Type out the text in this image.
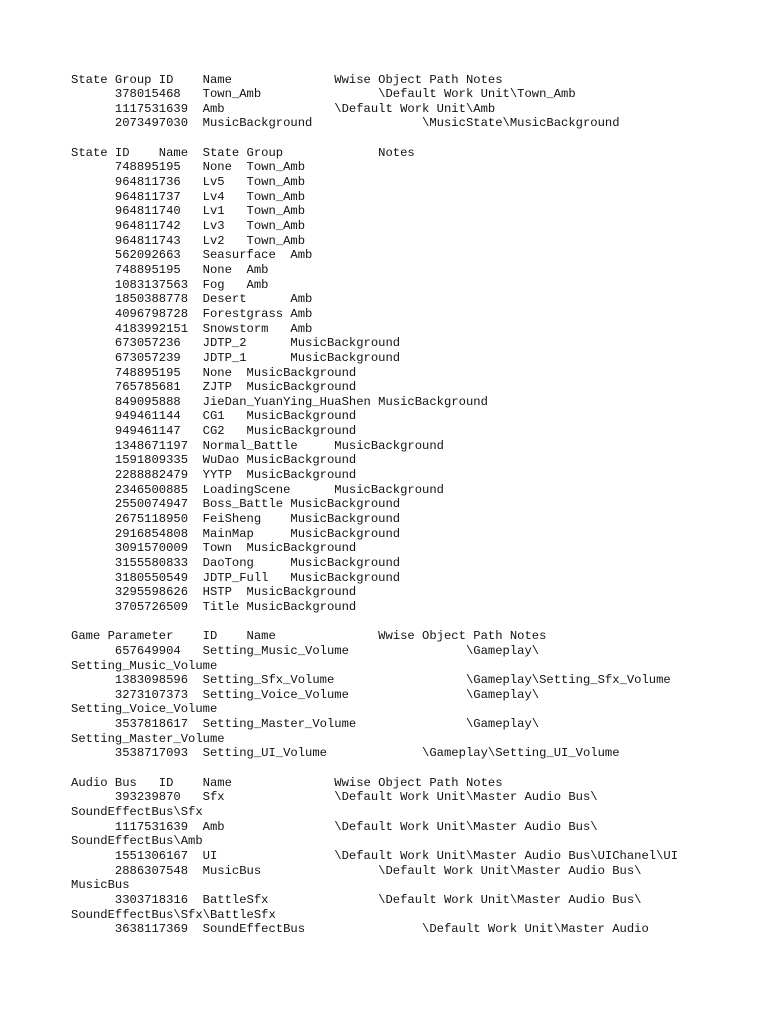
State Group ID    Name              Wwise Object Path Notes
378015468   Town_Amb                \Default Work Unit\Town_Amb
1117531639  Amb               \Default Work Unit\Amb
2073497030  MusicBackground               \MusicState\MusicBackground
State ID    Name  State Group             Notes
748895195   None  Town_Amb
964811736   Lv5   Town_Amb
964811737   Lv4   Town_Amb
964811740   Lv1   Town_Amb
964811742   Lv3   Town_Amb
964811743   Lv2   Town_Amb
562092663   Seasurface  Amb
748895195   None  Amb
1083137563  Fog   Amb
1850388778  Desert      Amb
4096798728  Forestgrass Amb
4183992151  Snowstorm   Amb
673057236   JDTP_2      MusicBackground
673057239   JDTP_1      MusicBackground
748895195   None  MusicBackground
765785681   ZJTP  MusicBackground
849095888   JieDan_YuanYing_HuaShen MusicBackground
949461144   CG1   MusicBackground
949461147   CG2   MusicBackground
1348671197  Normal_Battle     MusicBackground
1591809335  WuDao MusicBackground
2288882479  YYTP  MusicBackground
2346500885  LoadingScene      MusicBackground
2550074947  Boss_Battle MusicBackground
2675118950  FeiSheng    MusicBackground
2916854808  MainMap     MusicBackground
3091570009  Town  MusicBackground
3155580833  DaoTong     MusicBackground
3180550549  JDTP_Full   MusicBackground
3295598626  HSTP  MusicBackground
3705726509  Title MusicBackground
Game Parameter    ID    Name              Wwise Object Path Notes
657649904   Setting_Music_Volume                \Gameplay\
Setting_Music_Volume
1383098596  Setting_Sfx_Volume                  \Gameplay\Setting_Sfx_Volume
3273107373  Setting_Voice_Volume                \Gameplay\
Setting_Voice_Volume
3537818617  Setting_Master_Volume               \Gameplay\
Setting_Master_Volume
3538717093  Setting_UI_Volume             \Gameplay\Setting_UI_Volume
Audio Bus   ID    Name              Wwise Object Path Notes
393239870   Sfx               \Default Work Unit\Master Audio Bus\
SoundEffectBus\Sfx
1117531639  Amb               \Default Work Unit\Master Audio Bus\
SoundEffectBus\Amb
1551306167  UI                \Default Work Unit\Master Audio Bus\UIChanel\UI
2886307548  MusicBus                \Default Work Unit\Master Audio Bus\
MusicBus
3303718316  BattleSfx               \Default Work Unit\Master Audio Bus\
SoundEffectBus\Sfx\BattleSfx
3638117369  SoundEffectBus                \Default Work Unit\Master Audio
